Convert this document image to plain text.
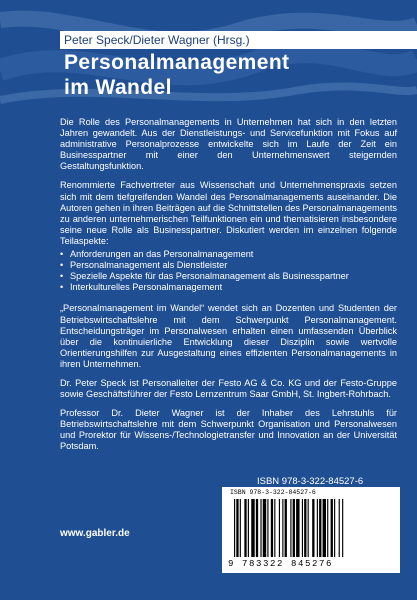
Peter Speck/Dieter Wagner (Hrsg.)
Personalmanagement
im Wandel

Die Rolle des Personalmanagements in Unternehmen hat sich in den letzten Jahren gewandelt. Aus der Dienstleistungs- und Servicefunktion mit Fokus auf administrative Personalprozesse entwickelte sich im Laufe der Zeit ein Businesspartner mit einer den Unternehmenswert steigernden Gestaltungsfunktion.

Renommierte Fachvertreter aus Wissenschaft und Unternehmenspraxis setzen sich mit dem tiefgreifenden Wandel des Personalmanagements auseinander. Die Autoren gehen in ihren Beiträgen auf die Schnittstellen des Personalmanagements zu anderen unternehmerischen Teilfunktionen ein und thematisieren insbesondere seine neue Rolle als Businesspartner. Diskutiert werden im einzelnen folgende Teilaspekte:

• Anforderungen an das Personalmanagement
• Personalmanagement als Dienstleister
• Spezielle Aspekte für das Personalmanagement als Businesspartner
• Interkulturelles Personalmanagement

„Personalmanagement im Wandel“ wendet sich an Dozenten und Studenten der Betriebswirtschaftslehre mit dem Schwerpunkt Personalmanagement. Entscheidungsträger im Personalwesen erhalten einen umfassenden Überblick über die kontinuierliche Entwicklung dieser Disziplin sowie wertvolle Orientierungshilfen zur Ausgestaltung eines effizienten Personalmanagements in ihren Unternehmen.

Dr. Peter Speck ist Personalleiter der Festo AG & Co. KG und der Festo-Gruppe sowie Geschäftsführer der Festo Lernzentrum Saar GmbH, St. Ingbert-Rohrbach.

Professor Dr. Dieter Wagner ist der Inhaber des Lehrstuhls für Betriebswirtschaftslehre mit dem Schwerpunkt Organisation und Personalwesen und Prorektor für Wissens-/Technologietransfer und Innovation an der Universität Potsdam.

ISBN 978-3-322-84527-6
ISBN 978-3-322-84527-6
9 783322 845276
www.gabler.de
